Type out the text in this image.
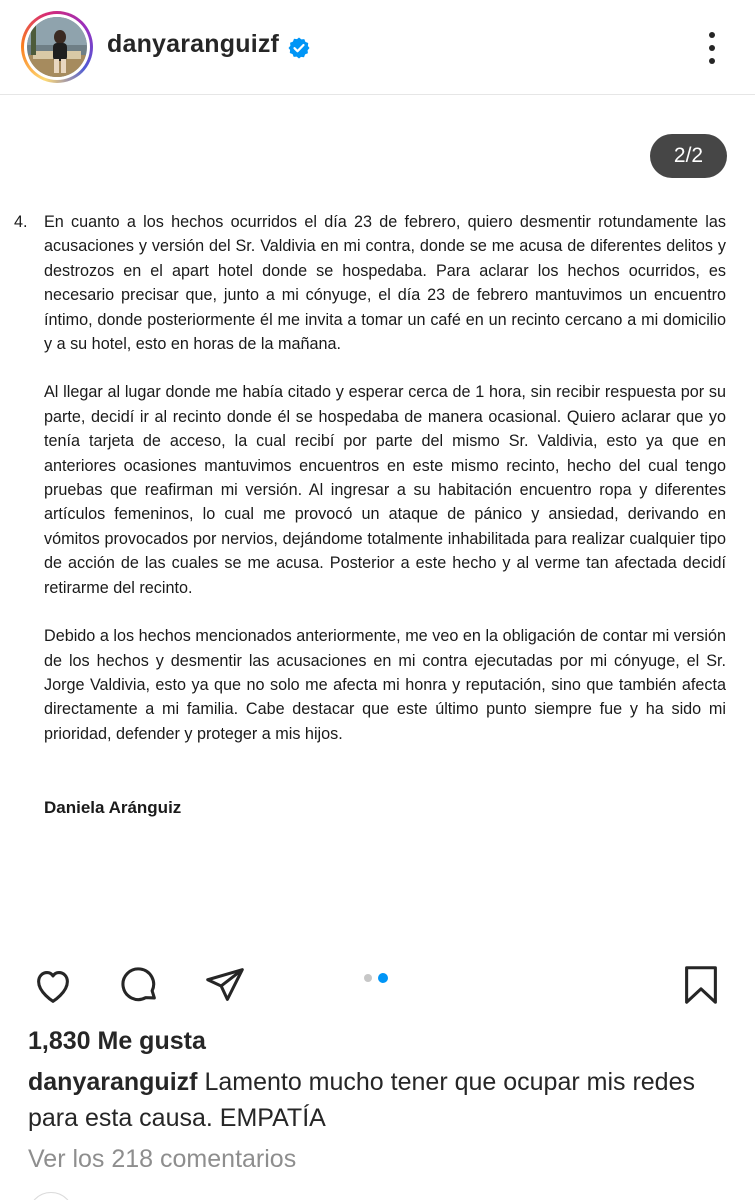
danyaranguizf
2/2
4. En cuanto a los hechos ocurridos el día 23 de febrero, quiero desmentir rotundamente las acusaciones y versión del Sr. Valdivia en mi contra, donde se me acusa de diferentes delitos y destrozos en el apart hotel donde se hospedaba. Para aclarar los hechos ocurridos, es necesario precisar que, junto a mi cónyuge, el día 23 de febrero mantuvimos un encuentro íntimo, donde posteriormente él me invita a tomar un café en un recinto cercano a mi domicilio y a su hotel, esto en horas de la mañana.

Al llegar al lugar donde me había citado y esperar cerca de 1 hora, sin recibir respuesta por su parte, decidí ir al recinto donde él se hospedaba de manera ocasional. Quiero aclarar que yo tenía tarjeta de acceso, la cual recibí por parte del mismo Sr. Valdivia, esto ya que en anteriores ocasiones mantuvimos encuentros en este mismo recinto, hecho del cual tengo pruebas que reafirman mi versión. Al ingresar a su habitación encuentro ropa y diferentes artículos femeninos, lo cual me provocó un ataque de pánico y ansiedad, derivando en vómitos provocados por nervios, dejándome totalmente inhabilitada para realizar cualquier tipo de acción de las cuales se me acusa. Posterior a este hecho y al verme tan afectada decidí retirarme del recinto.

Debido a los hechos mencionados anteriormente, me veo en la obligación de contar mi versión de los hechos y desmentir las acusaciones en mi contra ejecutadas por mi cónyuge, el Sr. Jorge Valdivia, esto ya que no solo me afecta mi honra y reputación, sino que también afecta directamente a mi familia. Cabe destacar que este último punto siempre fue y ha sido mi prioridad, defender y proteger a mis hijos.

Daniela Aránguiz
1,830 Me gusta
danyaranguizf Lamento mucho tener que ocupar mis redes para esta causa. EMPATÍA
Ver los 218 comentarios
